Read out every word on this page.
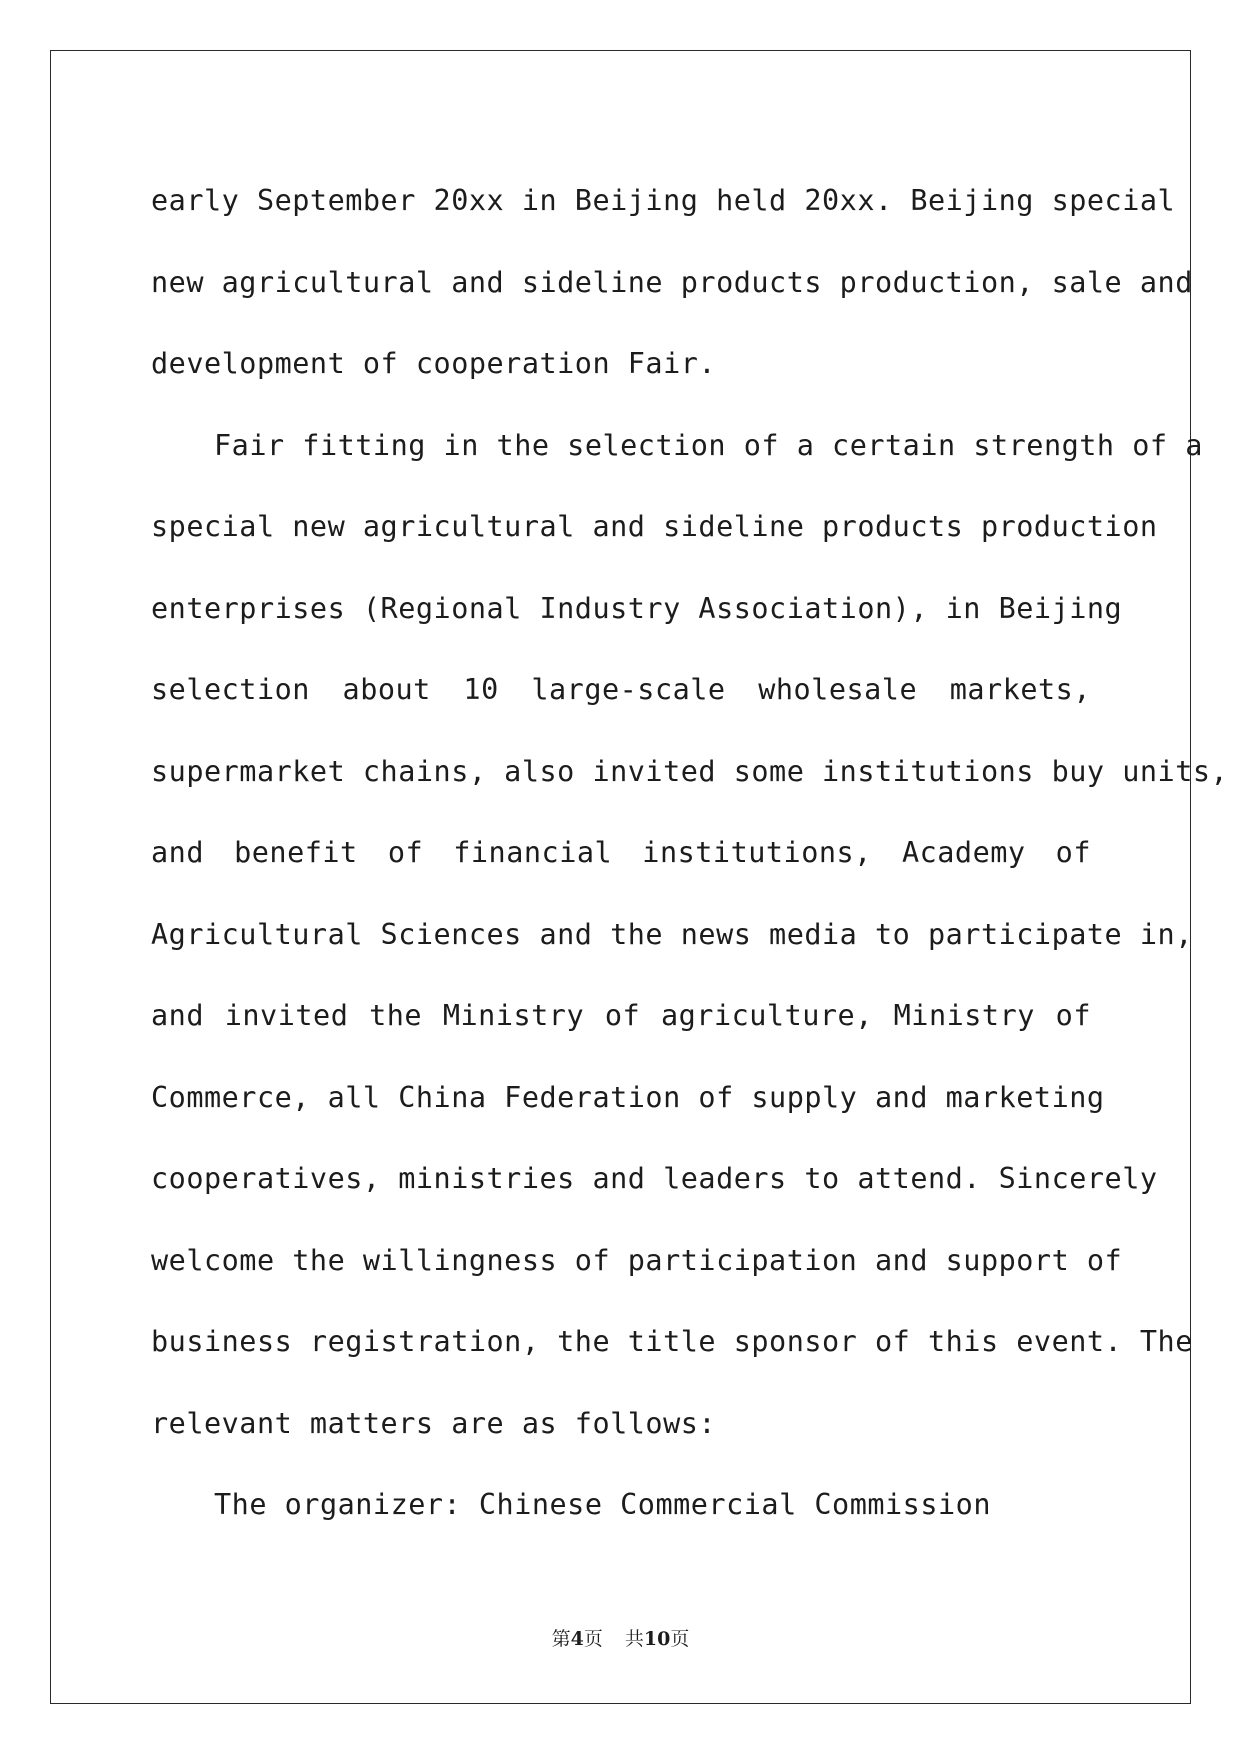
early September 20xx in Beijing held 20xx. Beijing special
new agricultural and sideline products production, sale and
development of cooperation Fair.
Fair fitting in the selection of a certain strength of a
special new agricultural and sideline products production
enterprises (Regional Industry Association), in Beijing
selection about 10 large-scale wholesale markets,
supermarket chains, also invited some institutions buy units,
and benefit of financial institutions, Academy of
Agricultural Sciences and the news media to participate in,
and invited the Ministry of agriculture, Ministry of
Commerce, all China Federation of supply and marketing
cooperatives, ministries and leaders to attend. Sincerely
welcome the willingness of participation and support of
business registration, the title sponsor of this event. The
relevant matters are as follows:
The organizer: Chinese Commercial Commission
第4页 共10页
